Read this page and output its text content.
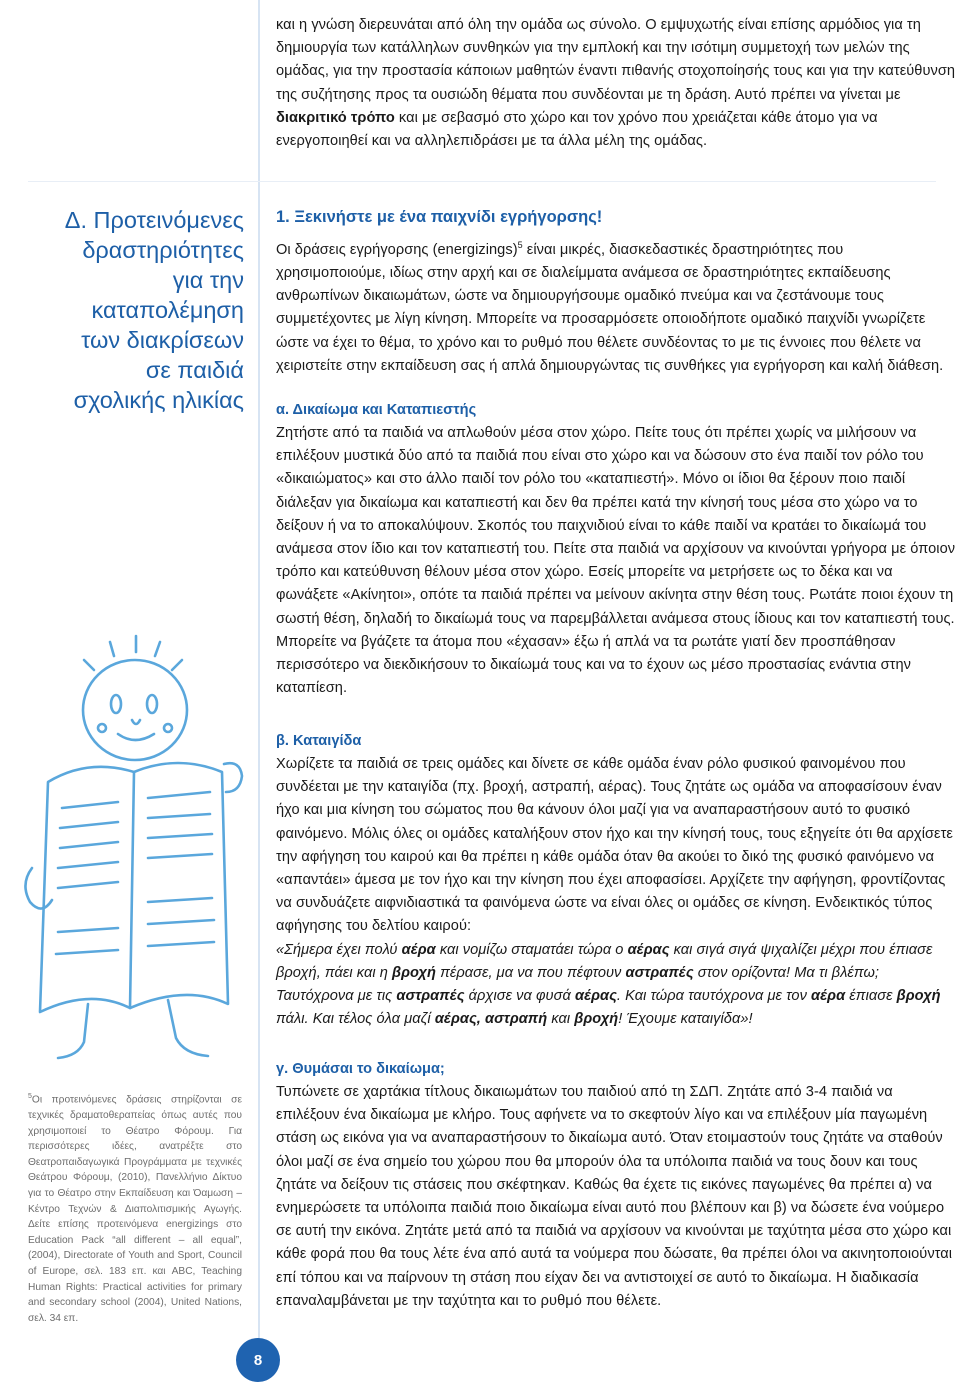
και η γνώση διερευνάται από όλη την ομάδα ως σύνολο. Ο εμψυχωτής είναι επίσης αρμόδιος για τη δημιουργία των κατάλληλων συνθηκών για την εμπλοκή και την ισότιμη συμμετοχή των μελών της ομάδας, για την προστασία κάποιων μαθητών έναντι πιθανής στοχοποίησής τους και για την κατεύθυνση της συζήτησης προς τα ουσιώδη θέματα που συνδέονται με τη δράση. Αυτό πρέπει να γίνεται με διακριτικό τρόπο και με σεβασμό στο χώρο και τον χρόνο που χρειάζεται κάθε άτομο για να ενεργοποιηθεί και να αλληλεπιδράσει με τα άλλα μέλη της ομάδας.

Δ. Προτεινόμενες
δραστηριότητες
για την
καταπολέμηση
των διακρίσεων
σε παιδιά
σχολικής ηλικίας

$^5$Οι προτεινόμενες δράσεις στηρίζονται σε τεχνικές δραματοθεραπείας όπως αυτές που χρησιμοποιεί το Θέατρο Φόρουμ. Για περισσότερες ιδέες, ανατρέξτε στο Θεατροπαιδαγωγικά Προγράμματα με τεχνικές Θεάτρου Φόρουμ, (2010), Πανελλήνιο Δίκτυο για το Θέατρο στην Εκπαίδευση και Όαμωση – Κέντρο Τεχνών & Διαπολιτισμικής Αγωγής. Δείτε επίσης προτεινόμενα energizings στο Education Pack “all different – all equal”, (2004), Directorate of Youth and Sport, Council of Europe, σελ. 183 επ. και ABC, Teaching Human Rights: Practical activities for primary and secondary school (2004), United Nations, σελ. 34 επ.

8
1. Ξεκινήστε με ένα παιχνίδι εγρήγορσης!

Οι δράσεις εγρήγορσης (energizings)$^5$ είναι μικρές, διασκεδαστικές δραστηριότητες που χρησιμοποιούμε, ιδίως στην αρχή και σε διαλείμματα ανάμεσα σε δραστηριότητες εκπαίδευσης ανθρωπίνων δικαιωμάτων, ώστε να δημιουργήσουμε ομαδικό πνεύμα και να ζεστάνουμε τους συμμετέχοντες με λίγη κίνηση. Μπορείτε να προσαρμόσετε οποιοδήποτε ομαδικό παιχνίδι γνωρίζετε ώστε να έχει το θέμα, το χρόνο και το ρυθμό που θέλετε συνδέοντας το με τις έννοιες που θέλετε να χειριστείτε στην εκπαίδευση σας ή απλά δημιουργώντας τις συνθήκες για εγρήγορση και καλή διάθεση.

α. Δικαίωμα και Καταπιεστής

Ζητήστε από τα παιδιά να απλωθούν μέσα στον χώρο. Πείτε τους ότι πρέπει χωρίς να μιλήσουν να επιλέξουν μυστικά δύο από τα παιδιά που είναι στο χώρο και να δώσουν στο ένα παιδί τον ρόλο του «δικαιώματος» και στο άλλο παιδί τον ρόλο του «καταπιεστή». Μόνο οι ίδιοι θα ξέρουν ποιο παιδί διάλεξαν για δικαίωμα και καταπιεστή και δεν θα πρέπει κατά την κίνησή τους μέσα στο χώρο να το δείξουν ή να το αποκαλύψουν. Σκοπός του παιχνιδιού είναι το κάθε παιδί να κρατάει το δικαίωμά του ανάμεσα στον ίδιο και τον καταπιεστή του. Πείτε στα παιδιά να αρχίσουν να κινούνται γρήγορα με όποιον τρόπο και κατεύθυνση θέλουν μέσα στον χώρο. Εσείς μπορείτε να μετρήσετε ως το δέκα και να φωνάξετε «Ακίνητοι», οπότε τα παιδιά πρέπει να μείνουν ακίνητα στην θέση τους. Ρωτάτε ποιοι έχουν τη σωστή θέση, δηλαδή το δικαίωμά τους να παρεμβάλλεται ανάμεσα στους ίδιους και τον καταπιεστή τους. Μπορείτε να βγάζετε τα άτομα που «έχασαν» έξω ή απλά να τα ρωτάτε γιατί δεν προσπάθησαν περισσότερο να διεκδικήσουν το δικαίωμά τους και να το έχουν ως μέσο προστασίας ενάντια στην καταπίεση.

β. Καταιγίδα

Χωρίζετε τα παιδιά σε τρεις ομάδες και δίνετε σε κάθε ομάδα έναν ρόλο φυσικού φαινομένου που συνδέεται με την καταιγίδα (πχ. βροχή, αστραπή, αέρας). Τους ζητάτε ως ομάδα να αποφασίσουν έναν ήχο και μια κίνηση του σώματος που θα κάνουν όλοι μαζί για να αναπαραστήσουν αυτό το φυσικό φαινόμενο. Μόλις όλες οι ομάδες καταλήξουν στον ήχο και την κίνησή τους, τους εξηγείτε ότι θα αρχίσετε την αφήγηση του καιρού και θα πρέπει η κάθε ομάδα όταν θα ακούει το δικό της φυσικό φαινόμενο να «απαντάει» άμεσα με τον ήχο και την κίνηση που έχει αποφασίσει. Αρχίζετε την αφήγηση, φροντίζοντας να συνδυάζετε αιφνιδιαστικά τα φαινόμενα ώστε να είναι όλες οι ομάδες σε κίνηση. Ενδεικτικός τύπος αφήγησης του δελτίου καιρού:

«Σήμερα έχει πολύ αέρα και νομίζω σταματάει τώρα ο αέρας και σιγά σιγά ψιχαλίζει μέχρι που έπιασε βροχή, πάει και η βροχή πέρασε, μα να που πέφτουν αστραπές στον ορίζοντα! Μα τι βλέπω; Ταυτόχρονα με τις αστραπές άρχισε να φυσά αέρας. Και τώρα ταυτόχρονα με τον αέρα έπιασε βροχή πάλι. Και τέλος όλα μαζί αέρας, αστραπή και βροχή! Έχουμε καταιγίδα»!

γ. Θυμάσαι το δικαίωμα;

Τυπώνετε σε χαρτάκια τίτλους δικαιωμάτων του παιδιού από τη ΣΔΠ. Ζητάτε από 3-4 παιδιά να επιλέξουν ένα δικαίωμα με κλήρο. Τους αφήνετε να το σκεφτούν λίγο και να επιλέξουν μία παγωμένη στάση ως εικόνα για να αναπαραστήσουν το δικαίωμα αυτό. Όταν ετοιμαστούν τους ζητάτε να σταθούν όλοι μαζί σε ένα σημείο του χώρου που θα μπορούν όλα τα υπόλοιπα παιδιά να τους δουν και τους ζητάτε να δείξουν τις στάσεις που σκέφτηκαν. Καθώς θα έχετε τις εικόνες παγωμένες θα πρέπει α) να ενημερώσετε τα υπόλοιπα παιδιά ποιο δικαίωμα είναι αυτό που βλέπουν και β) να δώσετε ένα νούμερο σε αυτή την εικόνα. Ζητάτε μετά από τα παιδιά να αρχίσουν να κινούνται με ταχύτητα μέσα στο χώρο και κάθε φορά που θα τους λέτε ένα από αυτά τα νούμερα που δώσατε, θα πρέπει όλοι να ακινητοποιούνται επί τόπου και να παίρνουν τη στάση που είχαν δει να αντιστοιχεί σε αυτό το δικαίωμα. Η διαδικασία επαναλαμβάνεται με την ταχύτητα και το ρυθμό που θέλετε.
